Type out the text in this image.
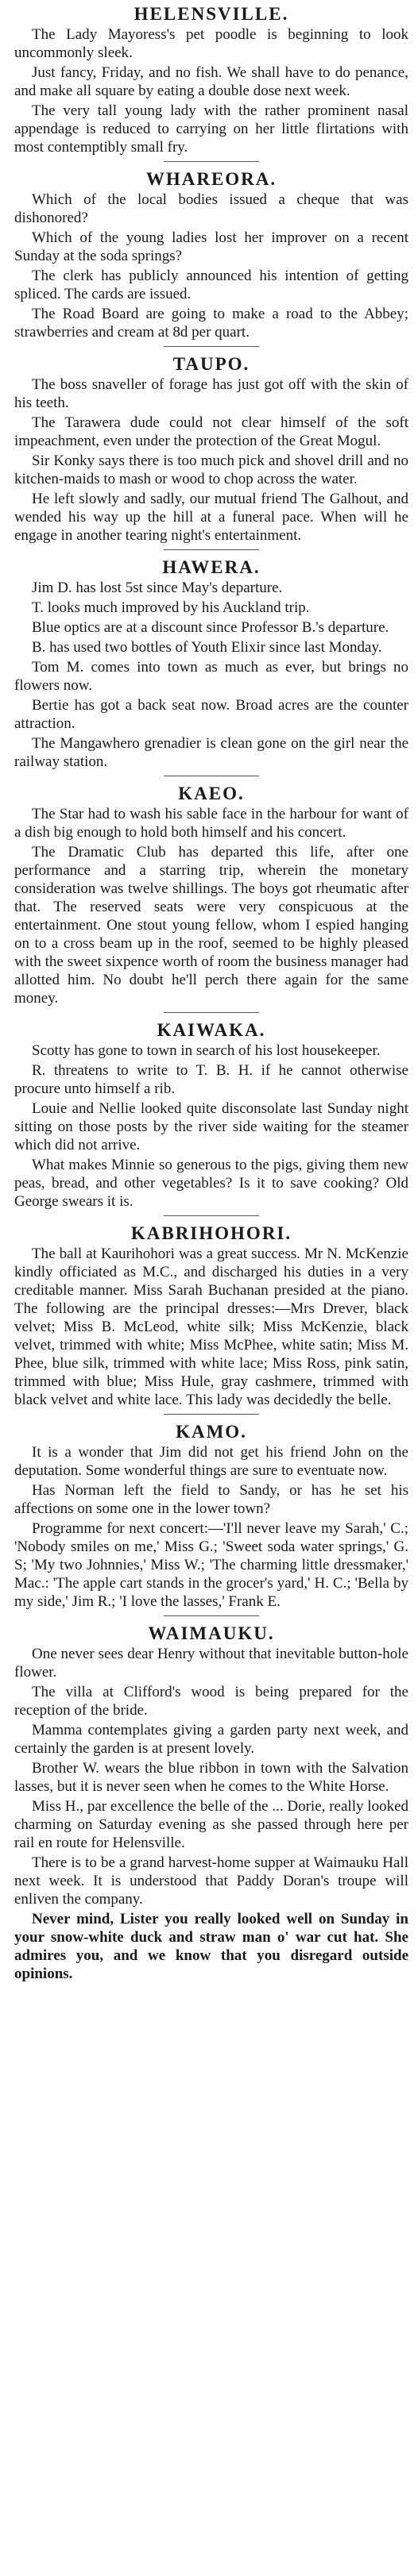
HELENSVILLE.

The Lady Mayoress's pet poodle is beginning to look uncommonly sleek.

Just fancy, Friday, and no fish. We shall have to do penance, and make all square by eating a double dose next week.

The very tall young lady with the rather prominent nasal appendage is reduced to carrying on her little flirtations with most contemptibly small fry.

WHAREORA.

Which of the local bodies issued a cheque that was dishonored?

Which of the young ladies lost her improver on a recent Sunday at the soda springs?

The clerk has publicly announced his intention of getting spliced. The cards are issued.

The Road Board are going to make a road to the Abbey; strawberries and cream at 8d per quart.

TAUPO.

The boss snaveller of forage has just got off with the skin of his teeth.

The Tarawera dude could not clear himself of the soft impeachment, even under the protection of the Great Mogul.

Sir Konky says there is too much pick and shovel drill and no kitchen-maids to mash or wood to chop across the water.

He left slowly and sadly, our mutual friend The Galhout, and wended his way up the hill at a funeral pace. When will he engage in another tearing night's entertainment.

HAWERA.

Jim D. has lost 5st since May's departure.

T. looks much improved by his Auckland trip.

Blue optics are at a discount since Professor B.'s departure.

B. has used two bottles of Youth Elixir since last Monday.

Tom M. comes into town as much as ever, but brings no flowers now.

Bertie has got a back seat now. Broad acres are the counter attraction.

The Mangawhero grenadier is clean gone on the girl near the railway station.

KAEO.

The Star had to wash his sable face in the harbour for want of a dish big enough to hold both himself and his concert.

The Dramatic Club has departed this life, after one performance and a starring trip, wherein the monetary consideration was twelve shillings. The boys got rheumatic after that. The reserved seats were very conspicuous at the entertainment. One stout young fellow, whom I espied hanging on to a cross beam up in the roof, seemed to be highly pleased with the sweet sixpence worth of room the business manager had allotted him. No doubt he'll perch there again for the same money.

KAIWAKA.

Scotty has gone to town in search of his lost housekeeper.

R. threatens to write to T. B. H. if he cannot otherwise procure unto himself a rib.

Louie and Nellie looked quite disconsolate last Sunday night sitting on those posts by the river side waiting for the steamer which did not arrive.

What makes Minnie so generous to the pigs, giving them new peas, bread, and other vegetables? Is it to save cooking? Old George swears it is.

KABRIHOHORI.

The ball at Kaurihohori was a great success. Mr N. McKenzie kindly officiated as M.C., and discharged his duties in a very creditable manner. Miss Sarah Buchanan presided at the piano. The following are the principal dresses:—Mrs Drever, black velvet; Miss B. McLeod, white silk; Miss McKenzie, black velvet, trimmed with white; Miss McPhee, white satin; Miss M. Phee, blue silk, trimmed with white lace; Miss Ross, pink satin, trimmed with blue; Miss Hule, gray cashmere, trimmed with black velvet and white lace. This lady was decidedly the belle.

KAMO.

It is a wonder that Jim did not get his friend John on the deputation. Some wonderful things are sure to eventuate now.

Has Norman left the field to Sandy, or has he set his affections on some one in the lower town?

Programme for next concert:—'I'll never leave my Sarah,' C.; 'Nobody smiles on me,' Miss G.; 'Sweet soda water springs,' G. S; 'My two Johnnies,' Miss W.; 'The charming little dressmaker,' Mac.: 'The apple cart stands in the grocer's yard,' H. C.; 'Bella by my side,' Jim R.; 'I love the lasses,' Frank E.

WAIMAUKU.

One never sees dear Henry without that inevitable button-hole flower.

The villa at Clifford's wood is being prepared for the reception of the bride.

Mamma contemplates giving a garden party next week, and certainly the garden is at present lovely.

Brother W. wears the blue ribbon in town with the Salvation lasses, but it is never seen when he comes to the White Horse.

Miss H., par excellence the belle of the ... Dorie, really looked charming on Saturday evening as she passed through here per rail en route for Helensville.

There is to be a grand harvest-home supper at Waimauku Hall next week. It is understood that Paddy Doran's troupe will enliven the company.

Never mind, Lister you really looked well on Sunday in your snow-white duck and straw man o' war cut hat. She admires you, and we know that you disregard outside opinions.
